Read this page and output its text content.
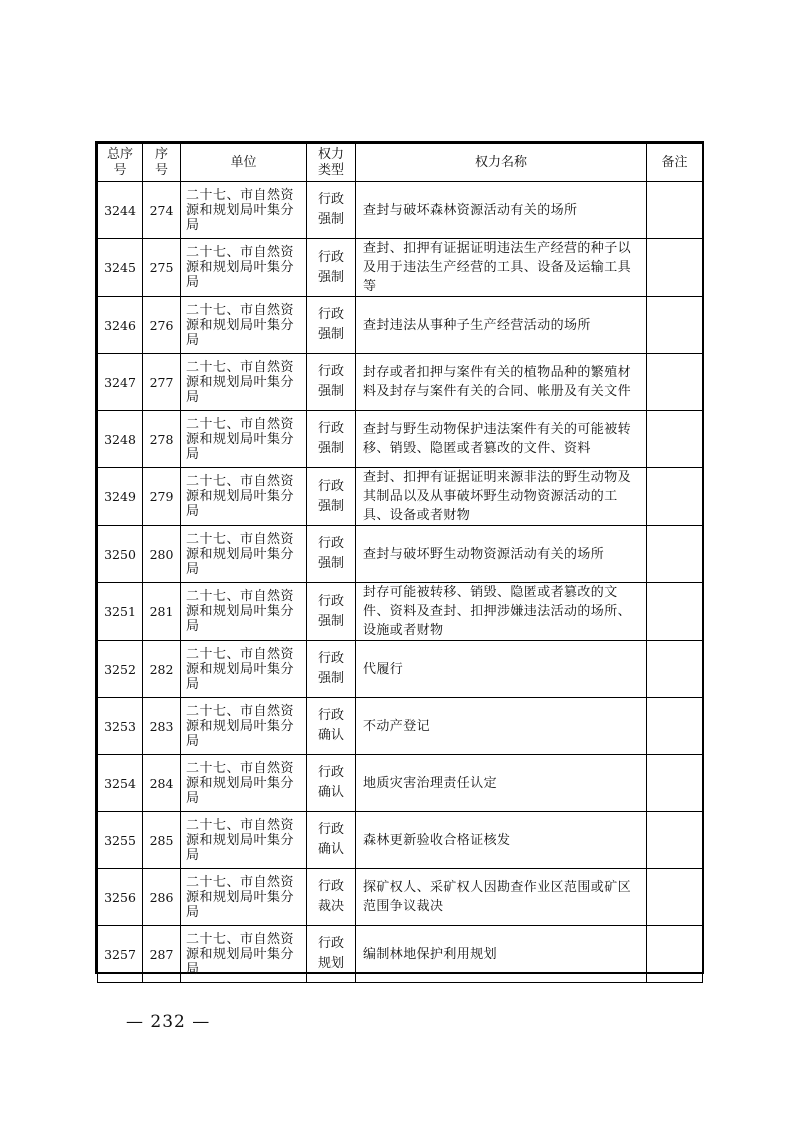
总序号	序号	单位	权力类型	权力名称	备注
3244	274	二十七、市自然资源和规划局叶集分局	行政强制	查封与破坏森林资源活动有关的场所	
3245	275	二十七、市自然资源和规划局叶集分局	行政强制	查封、扣押有证据证明违法生产经营的种子以及用于违法生产经营的工具、设备及运输工具等	
3246	276	二十七、市自然资源和规划局叶集分局	行政强制	查封违法从事种子生产经营活动的场所	
3247	277	二十七、市自然资源和规划局叶集分局	行政强制	封存或者扣押与案件有关的植物品种的繁殖材料及封存与案件有关的合同、帐册及有关文件	
3248	278	二十七、市自然资源和规划局叶集分局	行政强制	查封与野生动物保护违法案件有关的可能被转移、销毁、隐匿或者篡改的文件、资料	
3249	279	二十七、市自然资源和规划局叶集分局	行政强制	查封、扣押有证据证明来源非法的野生动物及其制品以及从事破坏野生动物资源活动的工具、设备或者财物	
3250	280	二十七、市自然资源和规划局叶集分局	行政强制	查封与破坏野生动物资源活动有关的场所	
3251	281	二十七、市自然资源和规划局叶集分局	行政强制	封存可能被转移、销毁、隐匿或者篡改的文件、资料及查封、扣押涉嫌违法活动的场所、设施或者财物	
3252	282	二十七、市自然资源和规划局叶集分局	行政强制	代履行	
3253	283	二十七、市自然资源和规划局叶集分局	行政确认	不动产登记	
3254	284	二十七、市自然资源和规划局叶集分局	行政确认	地质灾害治理责任认定	
3255	285	二十七、市自然资源和规划局叶集分局	行政确认	森林更新验收合格证核发	
3256	286	二十七、市自然资源和规划局叶集分局	行政裁决	探矿权人、采矿权人因勘查作业区范围或矿区范围争议裁决	
3257	287	二十七、市自然资源和规划局叶集分局	行政规划	编制林地保护利用规划	
— 232 —
